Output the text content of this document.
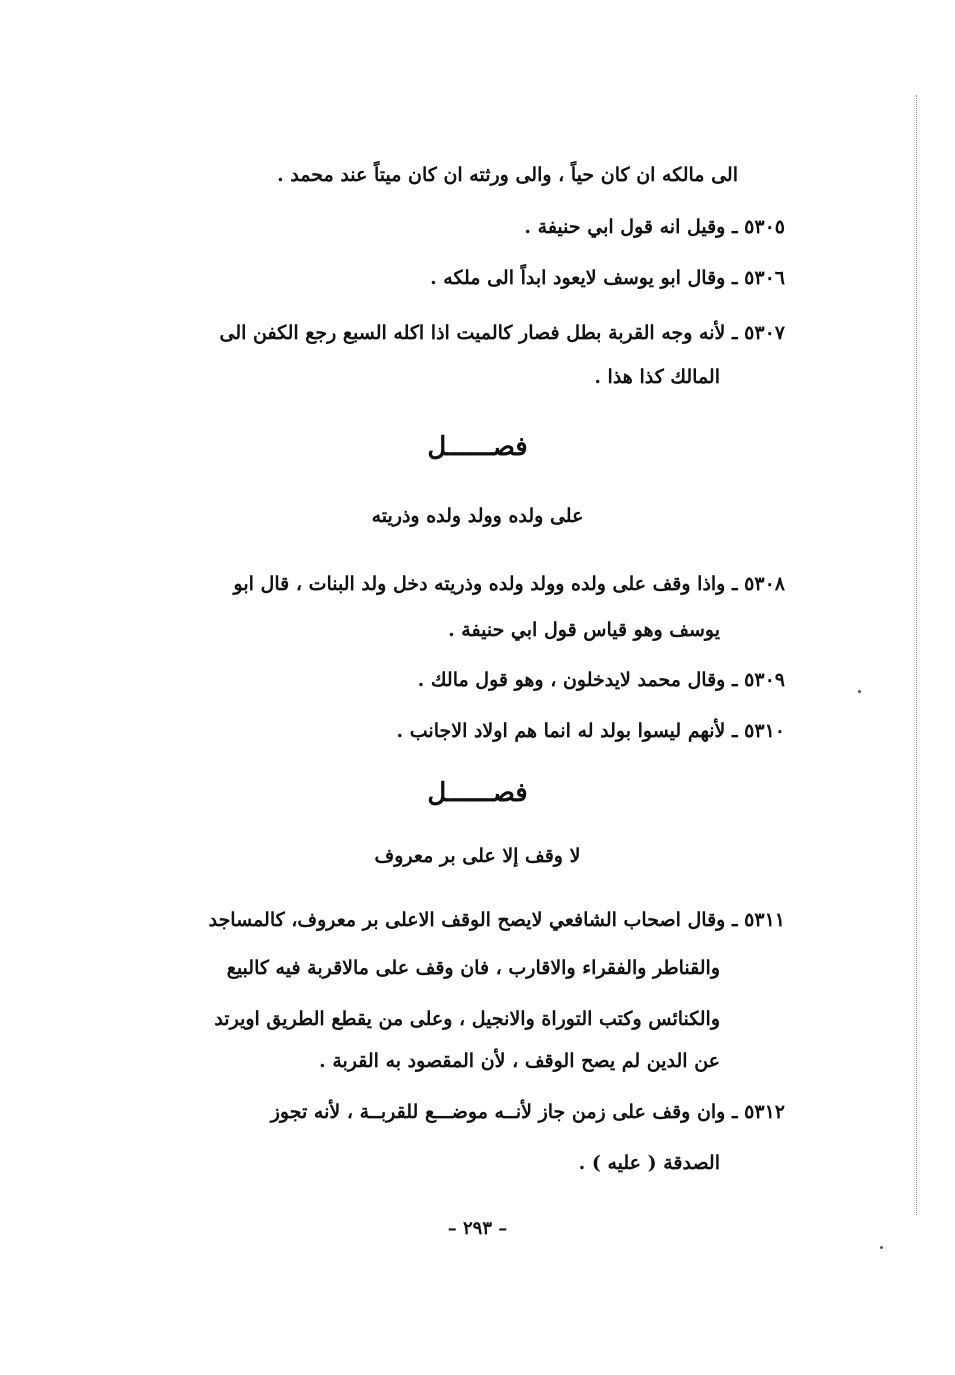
الى مالكه ان كان حياً ، والى ورثته ان كان ميتاً عند محمد .
٥٣٠٥ ـ وقيل انه قول ابي حنيفة .
٥٣٠٦ ـ وقال ابو يوسف لايعود ابداً الى ملكه .
٥٣٠٧ ـ لأنه وجه القربة بطل فصار كالميت اذا اكله السبع رجع الكفن الى
المالك كذا هذا .
فصــــــل
على ولده وولد ولده وذريته
٥٣٠٨ ـ واذا وقف على ولده وولد ولده وذريته دخل ولد البنات ، قال ابو
يوسف وهو قياس قول ابي حنيفة .
٥٣٠٩ ـ وقال محمد لايدخلون ، وهو قول مالك .
٥٣١٠ ـ لأنهم ليسوا بولد له انما هم اولاد الاجانب .
فصــــــل
لا وقف إلا على بر معروف
٥٣١١ ـ وقال اصحاب الشافعي لايصح الوقف الاعلى بر معروف، كالمساجد
والقناطر والفقراء والاقارب ، فان وقف على مالاقربة فيه كالبيع
والكنائس وكتب التوراة والانجيل ، وعلى من يقطع الطريق اويرتد
عن الدين لم يصح الوقف ، لأن المقصود به القربة .
٥٣١٢ ـ وان وقف على زمن جاز لأنــه موضـــع للقربــة ، لأنه تجوز
الصدقة ( عليه ) .
– ٢٩٣ –
